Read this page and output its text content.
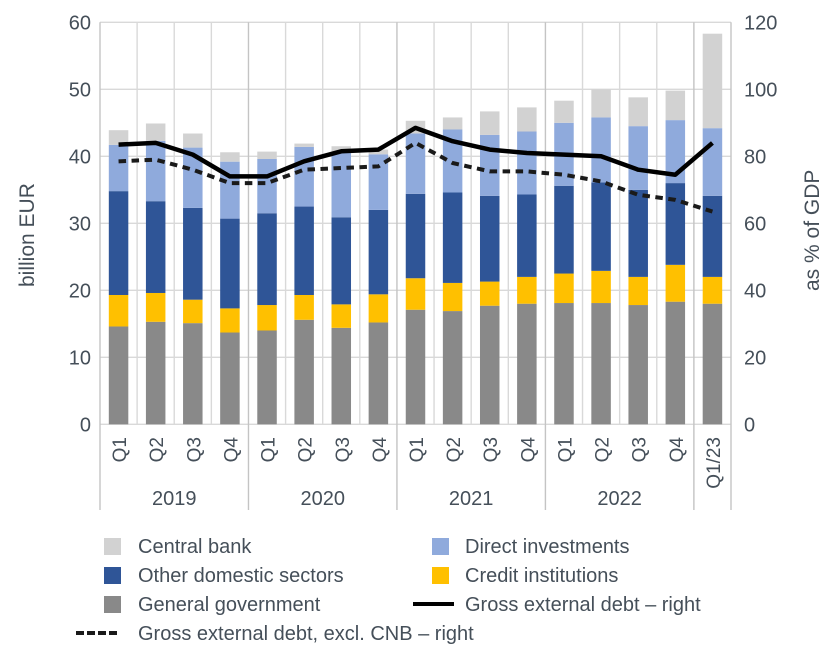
0
10
20
30
40
50
60
0
20
40
60
80
100
120
Q1 Q2 Q3 Q4 Q1 Q2 Q3 Q4 Q1 Q2 Q3 Q4 Q1 Q2 Q3 Q4 Q1/23
2019	2020	2021	2022
billion EUR	as % of GDP
Central bank	Direct investments
Other domestic sectors	Credit institutions
General government	Gross external debt – right
Gross external debt, excl. CNB – right
